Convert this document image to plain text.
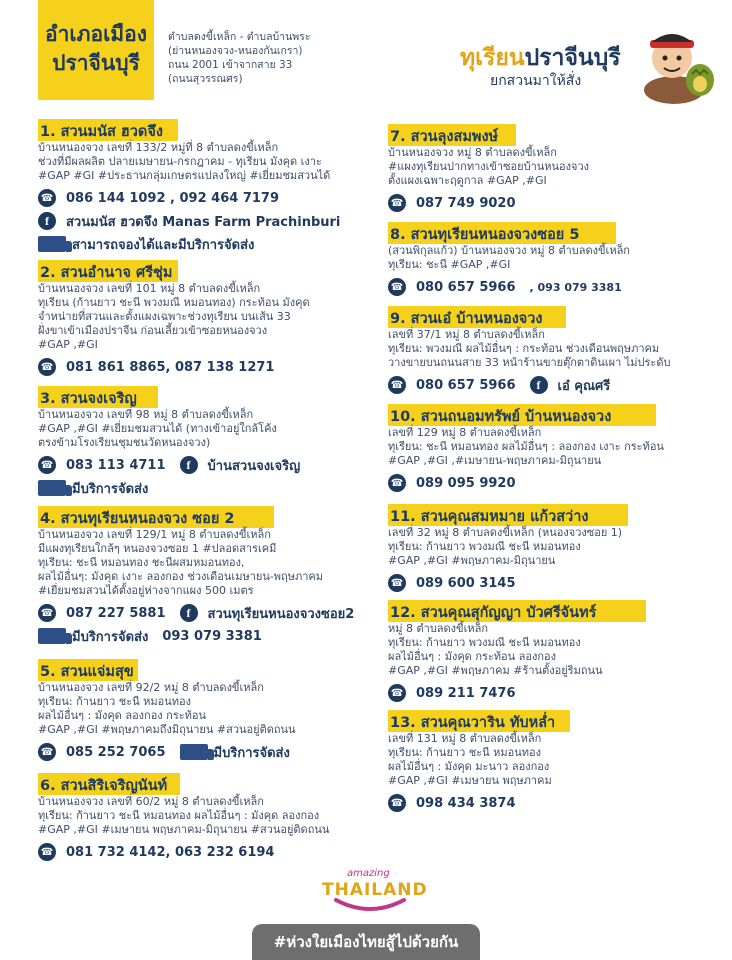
อำเภอเมือง
ปราจีนบุรี
ตำบลดงขี้เหล็ก - ตำบลบ้านพระ
(ย่านหนองจวง-หนองกันเกรา)
ถนน 2001 เข้าจากสาย 33
(ถนนสุวรรณศร)
ทุเรียนปราจีนบุรี
ยกสวนมาให้สั่ง
1. สวนมนัส ฮวดจึง
บ้านหนองจวง เลขที่ 133/2 หมู่ที่ 8 ตำบลดงขี้เหล็ก
ช่วงที่มีผลผลิต ปลายเมษายน-กรกฎาคม - ทุเรียน มังคุด เงาะ
#GAP #GI #ประธานกลุ่มเกษตรแปลงใหญ่ #เยี่ยมชมสวนได้
☎ 086 144 1092 , 092 464 7179
f	สวนมนัส ฮวดจึง Manas Farm Prachinburi
สามารถจองได้และมีบริการจัดส่ง
2. สวนอำนาจ ศรีชุ่ม
บ้านหนองจวง เลขที่ 101 หมู่ 8 ตำบลดงขี้เหล็ก
ทุเรียน (ก้านยาว ชะนี พวงมณี หมอนทอง) กระท้อน มังคุด
จำหน่ายที่สวนและตั้งแผงเฉพาะช่วงทุเรียน บนเส้น 33
ฝั่งขาเข้าเมืองปราจีน ก่อนเลี้ยวเข้าซอยหนองจวง
#GAP ,#GI
☎ 081 861 8865, 087 138 1271
3. สวนจงเจริญ
บ้านหนองจวง เลขที่ 98 หมู่ 8 ตำบลดงขี้เหล็ก
#GAP ,#GI #เยี่ยมชมสวนได้ (ทางเข้าอยู่ใกล้โค้ง
ตรงข้ามโรงเรียนชุมชนวัดหนองจวง)
☎ 083 113 4711	f	บ้านสวนจงเจริญ
มีบริการจัดส่ง
4. สวนทุเรียนหนองจวง ซอย 2
บ้านหนองจวง เลขที่ 129/1 หมู่ 8 ตำบลดงขี้เหล็ก
มีแผงทุเรียนใกล้ๆ หนองจวงซอย 1 #ปลอดสารเคมี
ทุเรียน: ชะนี หมอนทอง ชะนีผสมหมอนทอง,
ผลไม้อื่นๆ: มังคุด เงาะ ลองกอง ช่วงเดือนเมษายน-พฤษภาคม
#เยี่ยมชมสวนได้ตั้งอยู่ห่างจากแผง 500 เมตร
☎ 087 227 5881	f	สวนทุเรียนหนองจวงซอย2
มีบริการจัดส่ง 093 079 3381
5. สวนแจ่มสุข
บ้านหนองจวง เลขที่ 92/2 หมู่ 8 ตำบลดงขี้เหล็ก
ทุเรียน: ก้านยาว ชะนี หมอนทอง
ผลไม้อื่นๆ : มังคุด ลองกอง กระท้อน
#GAP ,#GI #พฤษภาคมถึงมิถุนายน #สวนอยู่ติดถนน
☎ 085 252 7065	มีบริการจัดส่ง
6. สวนสิริเจริญนันท์
บ้านหนองจวง เลขที่ 60/2 หมู่ 8 ตำบลดงขี้เหล็ก
ทุเรียน: ก้านยาว ชะนี หมอนทอง ผลไม้อื่นๆ : มังคุด ลองกอง
#GAP ,#GI #เมษายน พฤษภาคม-มิถุนายน #สวนอยู่ติดถนน
☎ 081 732 4142, 063 232 6194
7. สวนลุงสมพงษ์
บ้านหนองจวง หมู่ 8 ตำบลดงขี้เหล็ก
#แผงทุเรียนปากทางเข้าซอยบ้านหนองจวง
ตั้งแผงเฉพาะฤดูกาล #GAP ,#GI
☎ 087 749 9020
8. สวนทุเรียนหนองจวงซอย 5
(สวนพิกุลแก้ว) บ้านหนองจวง หมู่ 8 ตำบลดงขี้เหล็ก
ทุเรียน: ชะนี #GAP ,#GI
☎ 080 657 5966 , 093 079 3381
9. สวนเอ๋ บ้านหนองจวง
เลขที่ 37/1 หมู่ 8 ตำบลดงขี้เหล็ก
ทุเรียน: พวงมณี ผลไม้อื่นๆ : กระท้อน ช่วงเดือนพฤษภาคม
วางขายบนถนนสาย 33 หน้าร้านขายตุ๊กตาดินเผา ไม่ประดับ
☎ 080 657 5966	f	เอ๋ คุณศรี
10. สวนถนอมทรัพย์ บ้านหนองจวง
เลขที่ 129 หมู่ 8 ตำบลดงขี้เหล็ก
ทุเรียน: ชะนี หมอนทอง ผลไม้อื่นๆ : ลองกอง เงาะ กระท้อน
#GAP ,#GI ,#เมษายน-พฤษภาคม-มิถุนายน
☎ 089 095 9920
11. สวนคุณสมหมาย แก้วสว่าง
เลขที่ 32 หมู่ 8 ตำบลดงขี้เหล็ก (หนองจวงซอย 1)
ทุเรียน: ก้านยาว พวงมณี ชะนี หมอนทอง
#GAP ,#GI #พฤษภาคม-มิถุนายน
☎ 089 600 3145
12. สวนคุณสุกัญญา บัวศรีจันทร์
หมู่ 8 ตำบลดงขี้เหล็ก
ทุเรียน: ก้านยาว พวงมณี ชะนี หมอนทอง
ผลไม้อื่นๆ : มังคุด กระท้อน ลองกอง
#GAP ,#GI #พฤษภาคม #ร้านตั้งอยู่ริมถนน
☎ 089 211 7476
13. สวนคุณวาริน ทับหล่ำ
เลขที่ 131 หมู่ 8 ตำบลดงขี้เหล็ก
ทุเรียน: ก้านยาว ชะนี หมอนทอง
ผลไม้อื่นๆ : มังคุด มะนาว ลองกอง
#GAP ,#GI #เมษายน พฤษภาคม
☎ 098 434 3874
amazing
THAILAND
#ห่วงใยเมืองไทยสู้ไปด้วยกัน
